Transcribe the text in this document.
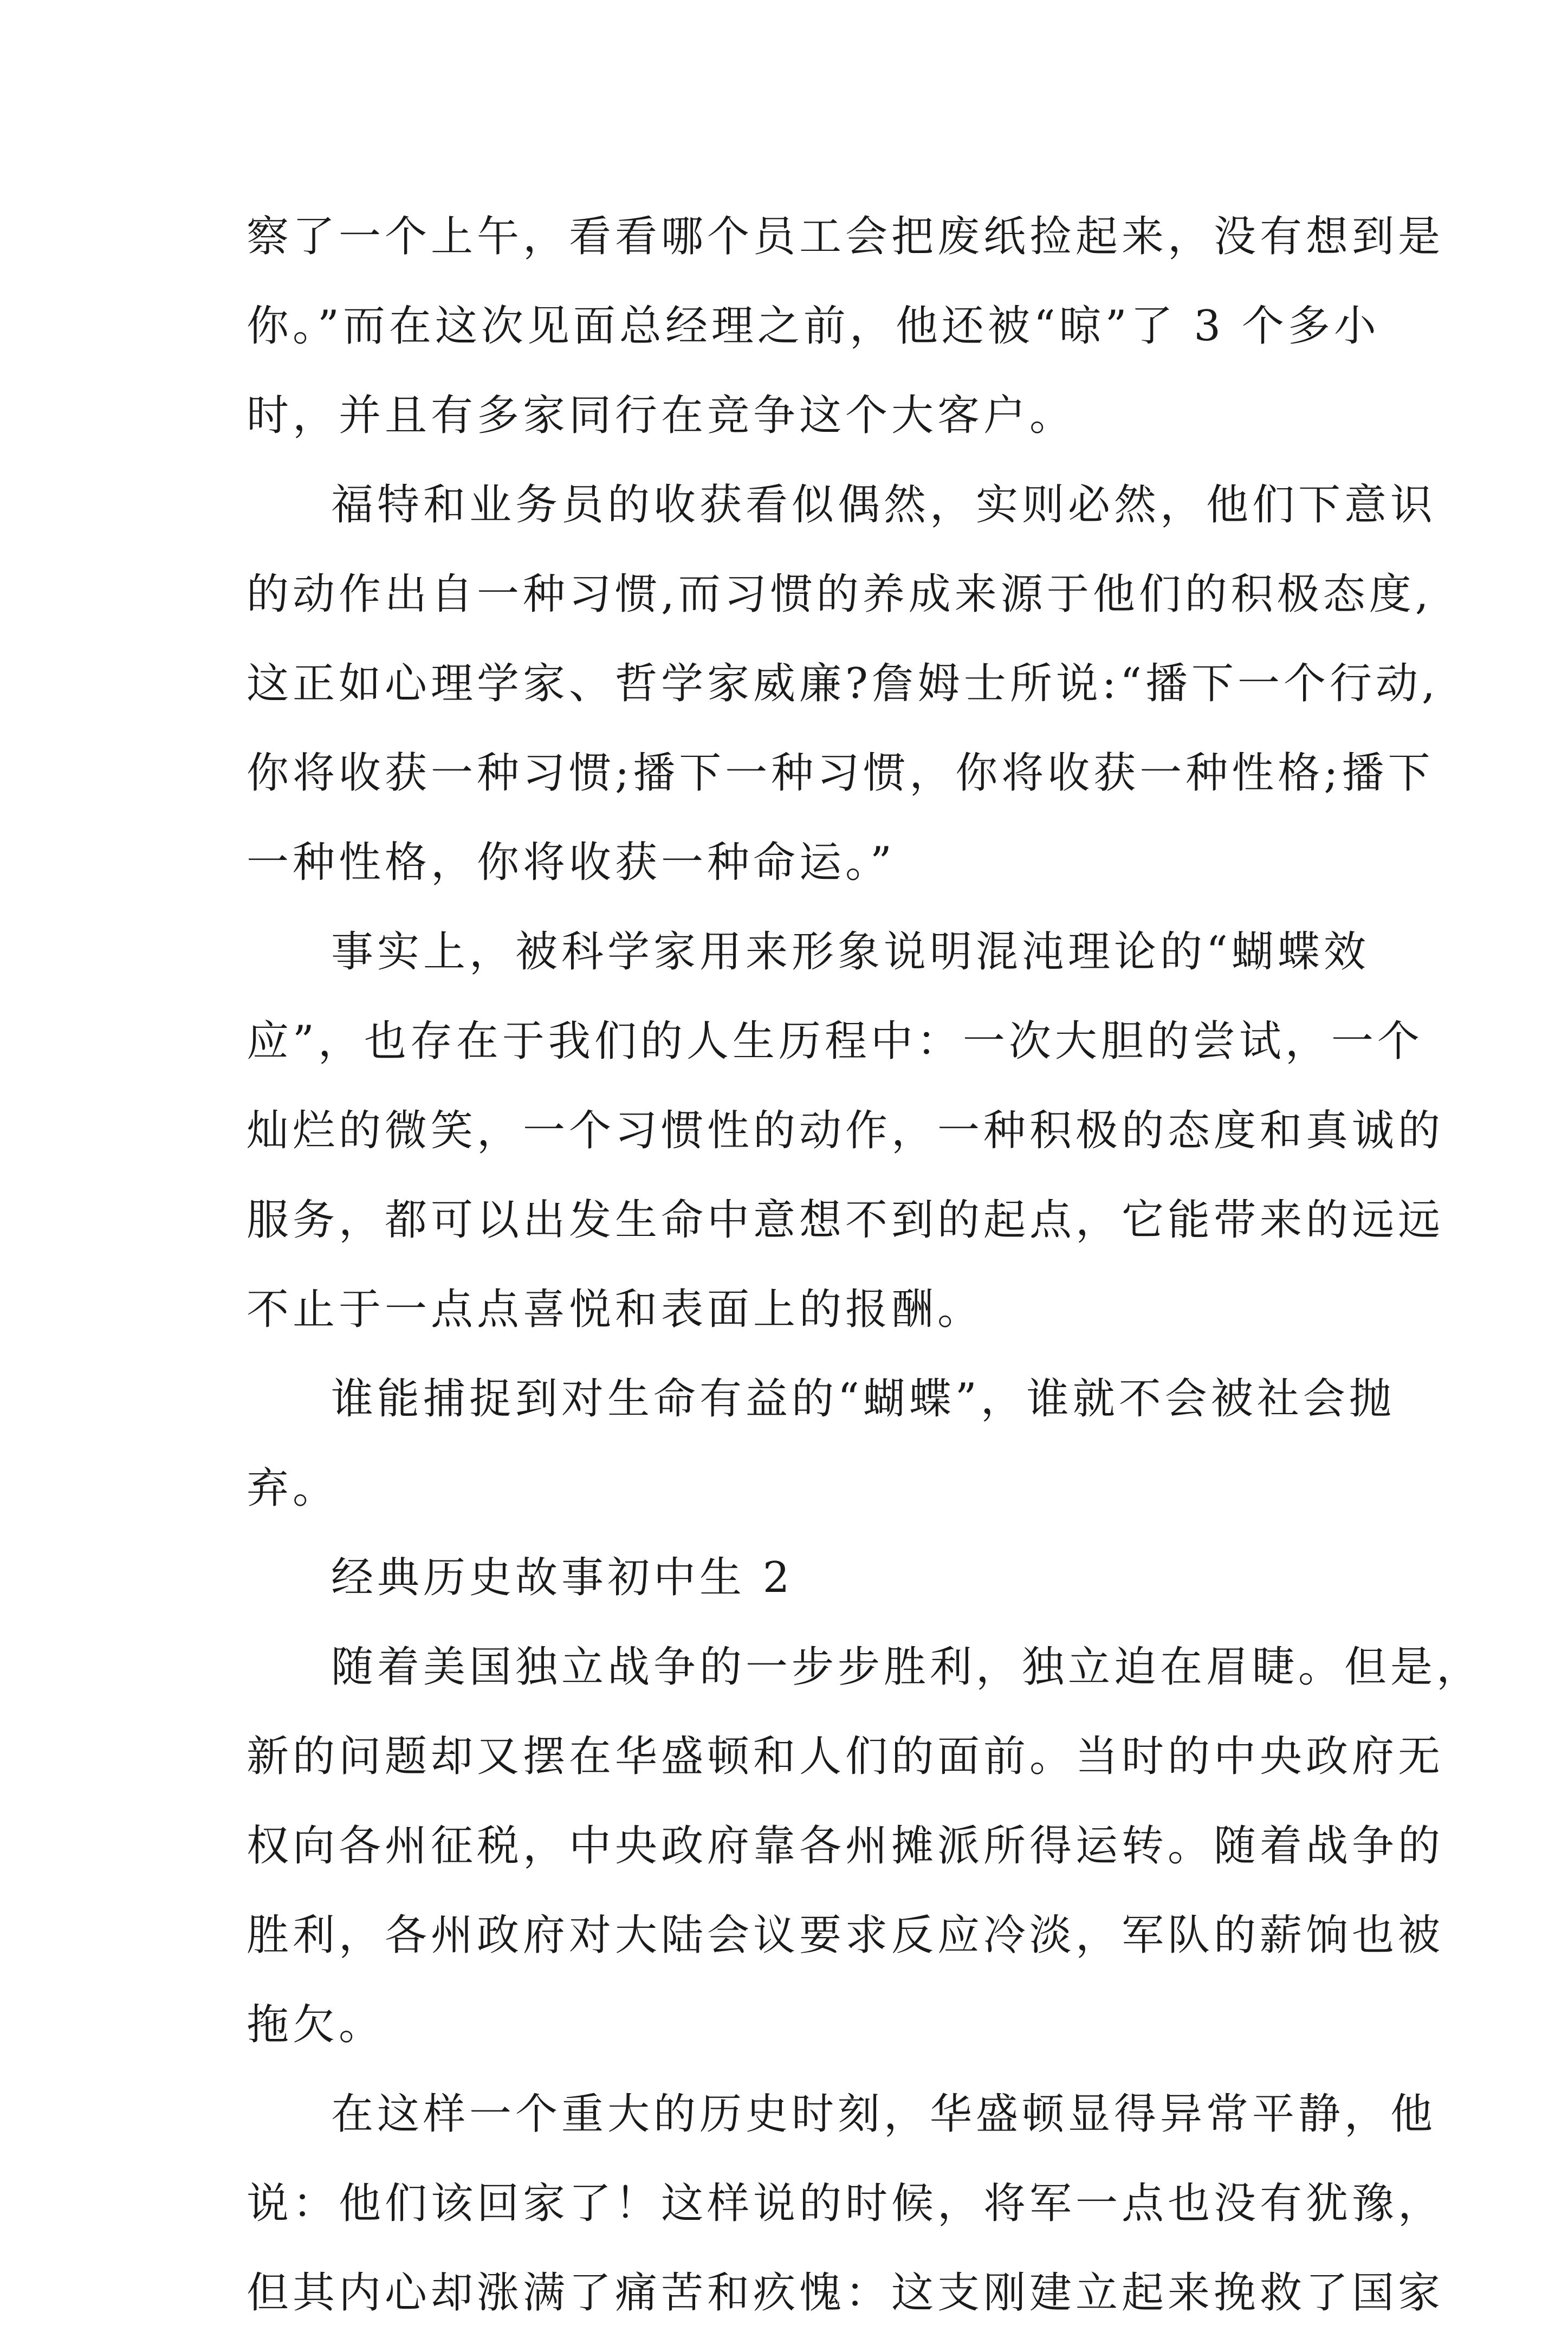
察了一个上午，看看哪个员工会把废纸捡起来，没有想到是
你。”而在这次见面总经理之前，他还被“晾”了 3 个多小
时，并且有多家同行在竞争这个大客户。
福特和业务员的收获看似偶然，实则必然，他们下意识
的动作出自一种习惯,而习惯的养成来源于他们的积极态度,
这正如心理学家、哲学家威廉?詹姆士所说:“播下一个行动,
你将收获一种习惯;播下一种习惯，你将收获一种性格;播下
一种性格，你将收获一种命运。”
事实上，被科学家用来形象说明混沌理论的“蝴蝶效
应”，也存在于我们的人生历程中：一次大胆的尝试，一个
灿烂的微笑，一个习惯性的动作，一种积极的态度和真诚的
服务，都可以出发生命中意想不到的起点，它能带来的远远
不止于一点点喜悦和表面上的报酬。
谁能捕捉到对生命有益的“蝴蝶”，谁就不会被社会抛
弃。
经典历史故事初中生 2
随着美国独立战争的一步步胜利，独立迫在眉睫。但是，
新的问题却又摆在华盛顿和人们的面前。当时的中央政府无
权向各州征税，中央政府靠各州摊派所得运转。随着战争的
胜利，各州政府对大陆会议要求反应冷淡，军队的薪饷也被
拖欠。
在这样一个重大的历史时刻，华盛顿显得异常平静，他
说：他们该回家了！这样说的时候，将军一点也没有犹豫，
但其内心却涨满了痛苦和疚愧：这支刚建立起来挽救了国家
